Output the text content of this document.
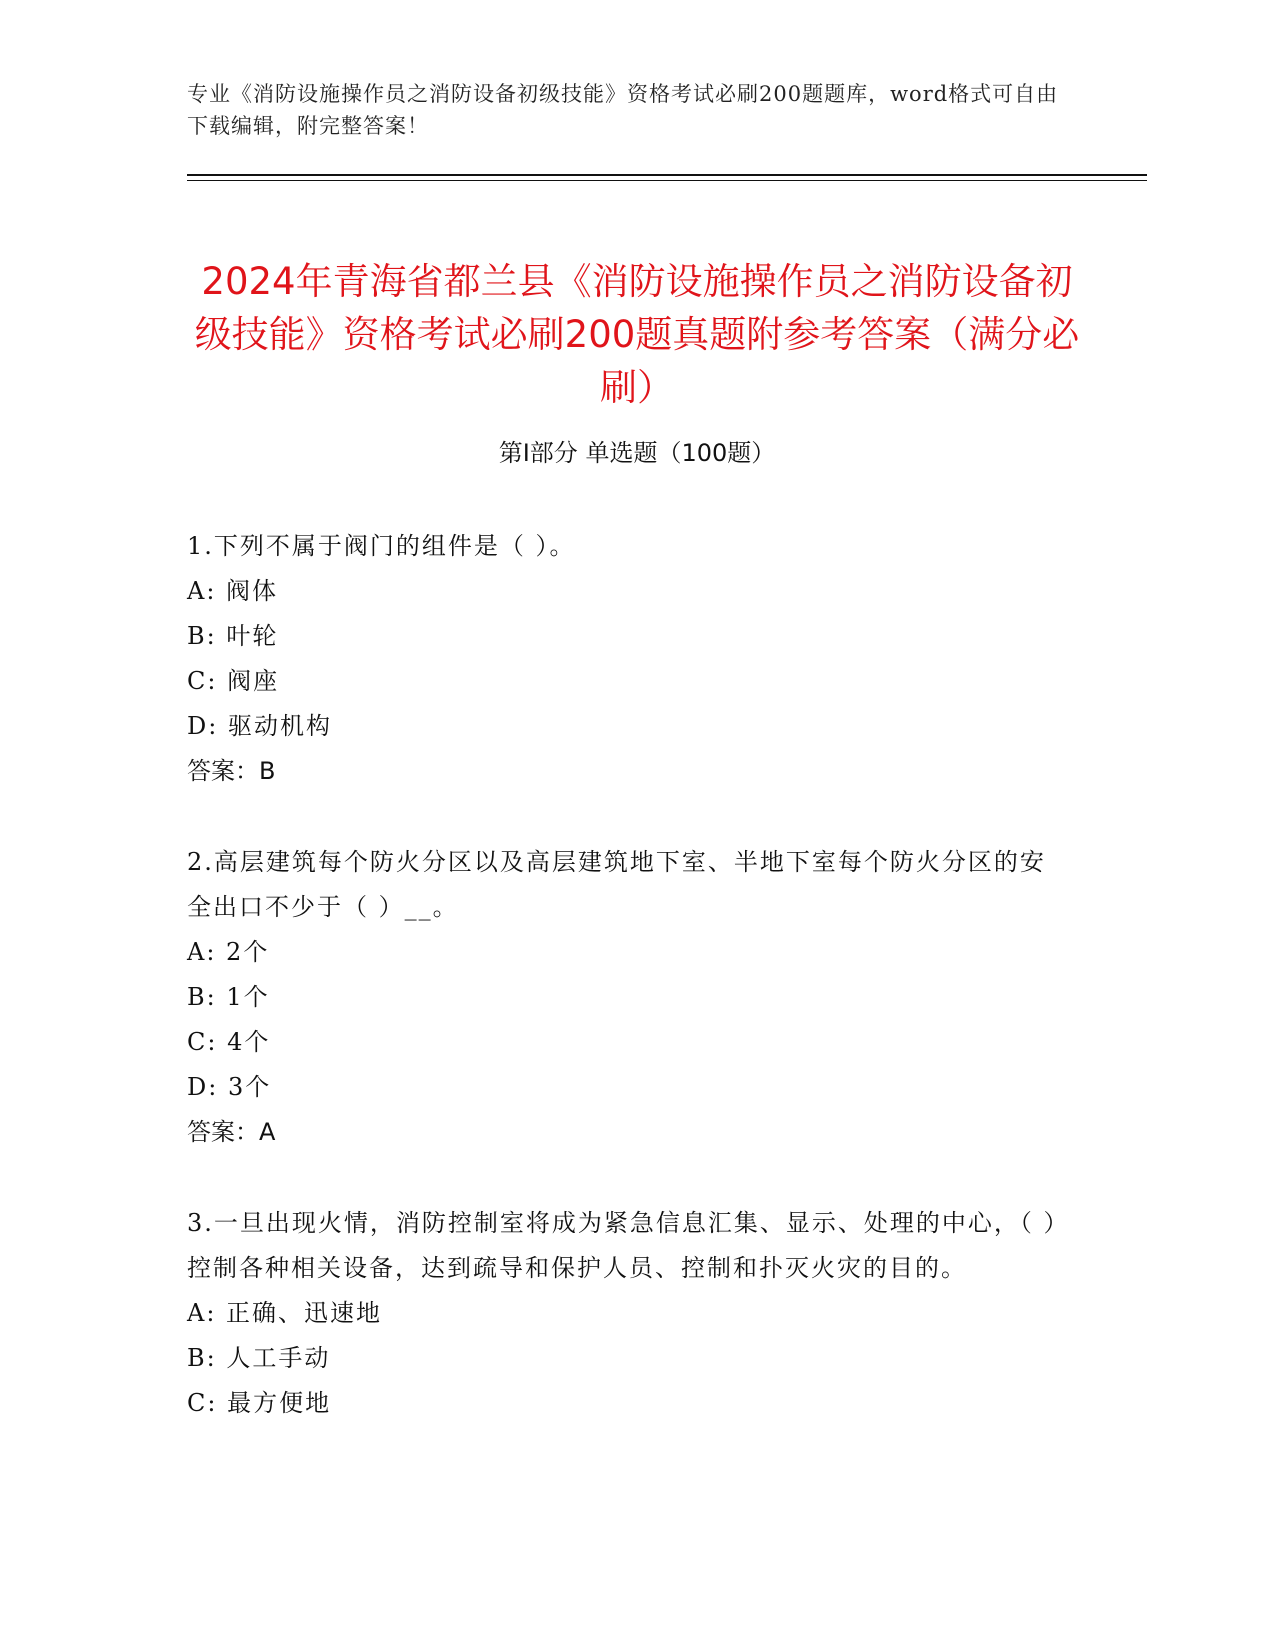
专业《消防设施操作员之消防设备初级技能》资格考试必刷200题题库，word格式可自由下载编辑，附完整答案！
2024年青海省都兰县《消防设施操作员之消防设备初级技能》资格考试必刷200题真题附参考答案（满分必刷）
第Ⅰ部分 单选题（100题）
1.下列不属于阀门的组件是（ ）。
A: 阀体
B: 叶轮
C: 阀座
D: 驱动机构
答案：B
2.高层建筑每个防火分区以及高层建筑地下室、半地下室每个防火分区的安全出口不少于（ ）__。
A: 2个
B: 1个
C: 4个
D: 3个
答案：A
3.一旦出现火情，消防控制室将成为紧急信息汇集、显示、处理的中心，（ ）控制各种相关设备，达到疏导和保护人员、控制和扑灭火灾的目的。
A: 正确、迅速地
B: 人工手动
C: 最方便地
